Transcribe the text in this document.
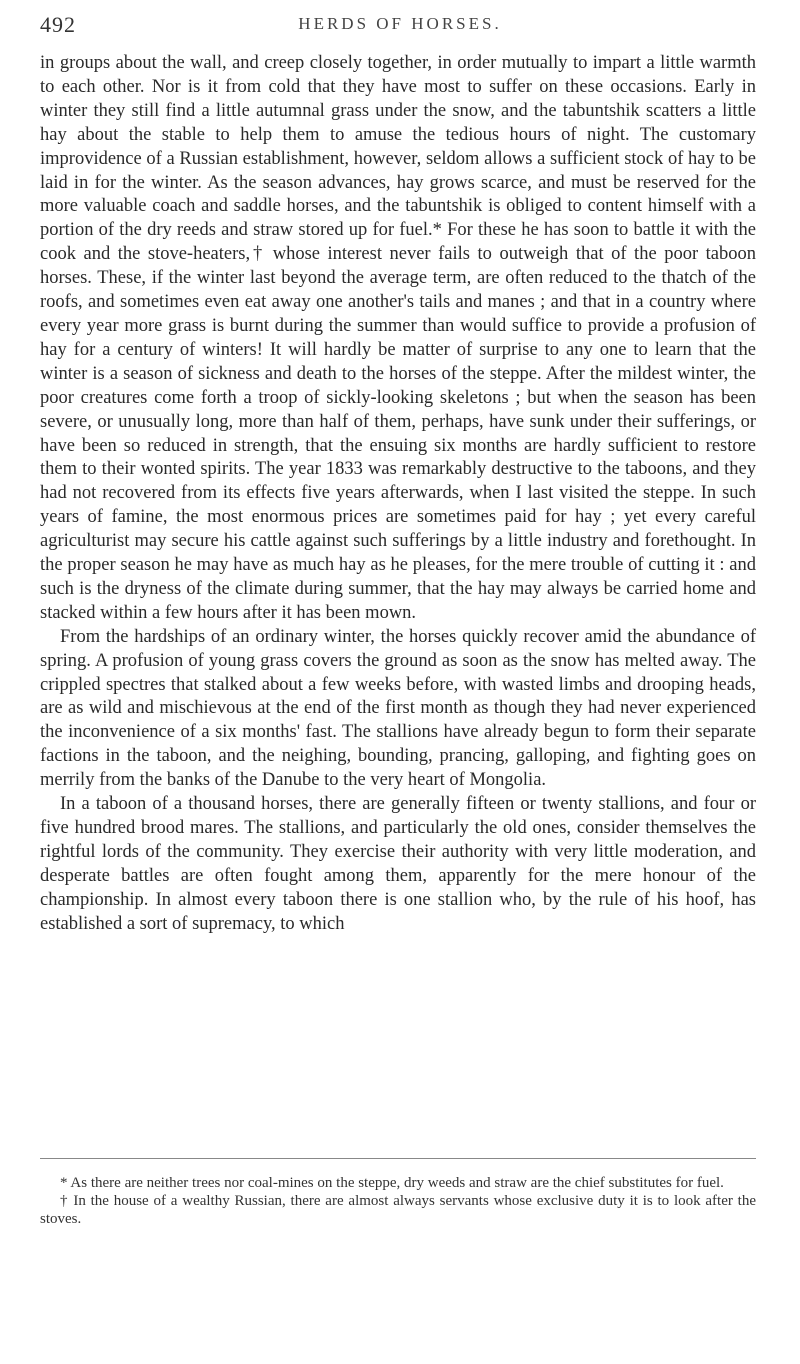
492	HERDS OF HORSES.

in groups about the wall, and creep closely together, in order mutually to impart a little warmth to each other. Nor is it from cold that they have most to suffer on these occasions. Early in winter they still find a little autumnal grass under the snow, and the tabuntshik scatters a little hay about the stable to help them to amuse the tedious hours of night. The customary improvidence of a Russian establishment, however, seldom allows a sufficient stock of hay to be laid in for the winter. As the season advances, hay grows scarce, and must be reserved for the more valuable coach and saddle horses, and the tabuntshik is obliged to content himself with a portion of the dry reeds and straw stored up for fuel.* For these he has soon to battle it with the cook and the stove-heaters,† whose interest never fails to outweigh that of the poor taboon horses. These, if the winter last beyond the average term, are often reduced to the thatch of the roofs, and sometimes even eat away one another's tails and manes ; and that in a country where every year more grass is burnt during the summer than would suffice to provide a profusion of hay for a century of winters! It will hardly be matter of surprise to any one to learn that the winter is a season of sickness and death to the horses of the steppe. After the mildest winter, the poor creatures come forth a troop of sickly-looking skeletons ; but when the season has been severe, or unusually long, more than half of them, perhaps, have sunk under their sufferings, or have been so reduced in strength, that the ensuing six months are hardly sufficient to restore them to their wonted spirits. The year 1833 was remarkably destructive to the taboons, and they had not recovered from its effects five years afterwards, when I last visited the steppe. In such years of famine, the most enormous prices are sometimes paid for hay ; yet every careful agriculturist may secure his cattle against such sufferings by a little industry and forethought. In the proper season he may have as much hay as he pleases, for the mere trouble of cutting it : and such is the dryness of the climate during summer, that the hay may always be carried home and stacked within a few hours after it has been mown.

From the hardships of an ordinary winter, the horses quickly recover amid the abundance of spring. A profusion of young grass covers the ground as soon as the snow has melted away. The crippled spectres that stalked about a few weeks before, with wasted limbs and drooping heads, are as wild and mischievous at the end of the first month as though they had never experienced the inconvenience of a six months' fast. The stallions have already begun to form their separate factions in the taboon, and the neighing, bounding, prancing, galloping, and fighting goes on merrily from the banks of the Danube to the very heart of Mongolia.

In a taboon of a thousand horses, there are generally fifteen or twenty stallions, and four or five hundred brood mares. The stallions, and particularly the old ones, consider themselves the rightful lords of the community. They exercise their authority with very little moderation, and desperate battles are often fought among them, apparently for the mere honour of the championship. In almost every taboon there is one stallion who, by the rule of his hoof, has established a sort of supremacy, to which

* As there are neither trees nor coal-mines on the steppe, dry weeds and straw are the chief substitutes for fuel.

† In the house of a wealthy Russian, there are almost always servants whose exclusive duty it is to look after the stoves.
